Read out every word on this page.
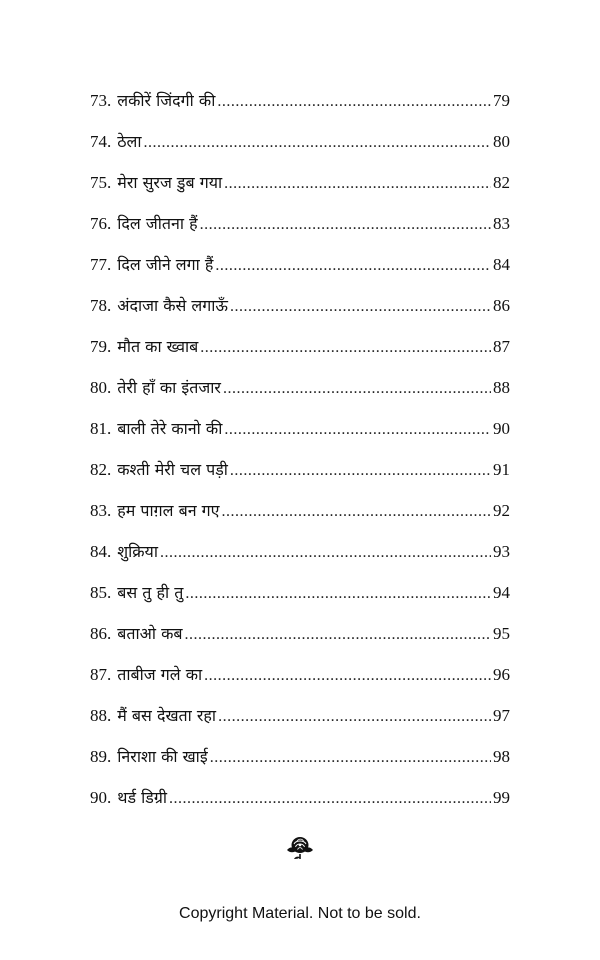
73. लकीरें जिंदगी की .....	79
74. ठेला .....	80
75. मेरा सुरज डुब गया .....	82
76. दिल जीतना हैं .....	83
77. दिल जीने लगा हैं .....	84
78. अंदाजा कैसे लगाऊँ .....	86
79. मौत का ख्वाब .....	87
80. तेरी हाँ का इंतजार .....	88
81. बाली तेरे कानो की .....	90
82. कश्ती मेरी चल पड़ी .....	91
83. हम पाग़ल बन गए .....	92
84. शुक्रिया .....	93
85. बस तु ही तु .....	94
86. बताओ कब .....	95
87. ताबीज गले का .....	96
88. मैं बस देखता रहा .....	97
89. निराशा की खाई .....	98
90. थर्ड डिग्री .....	99
Copyright Material. Not to be sold.
